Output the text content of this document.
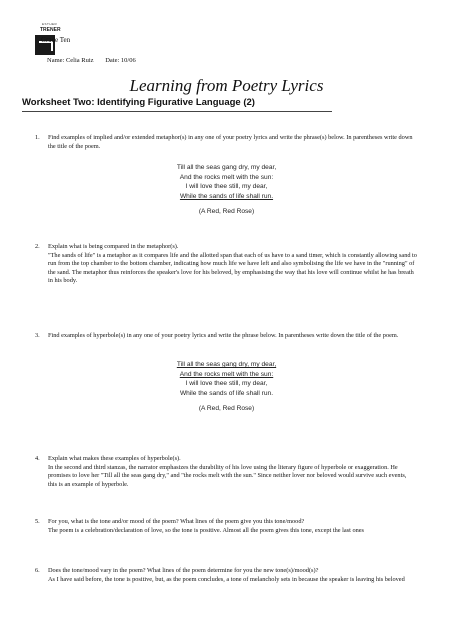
ESTHER
TRENER
Grade Ten
Name: Celia Ruiz Date: 10/06
Learning from Poetry Lyrics
Worksheet Two: Identifying Figurative Language (2)
1. Find examples of implied and/or extended metaphor(s) in any one of your poetry lyrics and write the phrase(s) below. In parentheses write down the title of the poem.
Till all the seas gang dry, my dear,
And the rocks melt with the sun:
I will love thee still, my dear,
While the sands of life shall run.
(A Red, Red Rose)
2. Explain what is being compared in the metaphor(s).
"The sands of life" is a metaphor as it compares life and the allotted span that each of us have to a sand timer, which is constantly allowing sand to run from the top chamber to the bottom chamber, indicating how much life we have left and also symbolising the life we have in the "running" of the sand. The metaphor thus reinforces the speaker's love for his beloved, by emphasising the way that his love will continue whilst he has breath in his body.
3. Find examples of hyperbole(s) in any one of your poetry lyrics and write the phrase below. In parentheses write down the title of the poem.
Till all the seas gang dry, my dear,
And the rocks melt with the sun:
I will love thee still, my dear,
While the sands of life shall run.
(A Red, Red Rose)
4. Explain what makes these examples of hyperbole(s).
In the second and third stanzas, the narrator emphasizes the durability of his love using the literary figure of hyperbole or exaggeration. He promises to love her "Till all the seas gang dry," and "the rocks melt with the sun." Since neither lover nor beloved would survive such events, this is an example of hyperbole.
5. For you, what is the tone and/or mood of the poem? What lines of the poem give you this tone/mood?
The poem is a celebration/declaration of love, so the tone is positive. Almost all the poem gives this tone, except the last ones
6. Does the tone/mood vary in the poem? What lines of the poem determine for you the new tone(s)/mood(s)?
As I have said before, the tone is positive, but, as the poem concludes, a tone of melancholy sets in because the speaker is leaving his beloved
